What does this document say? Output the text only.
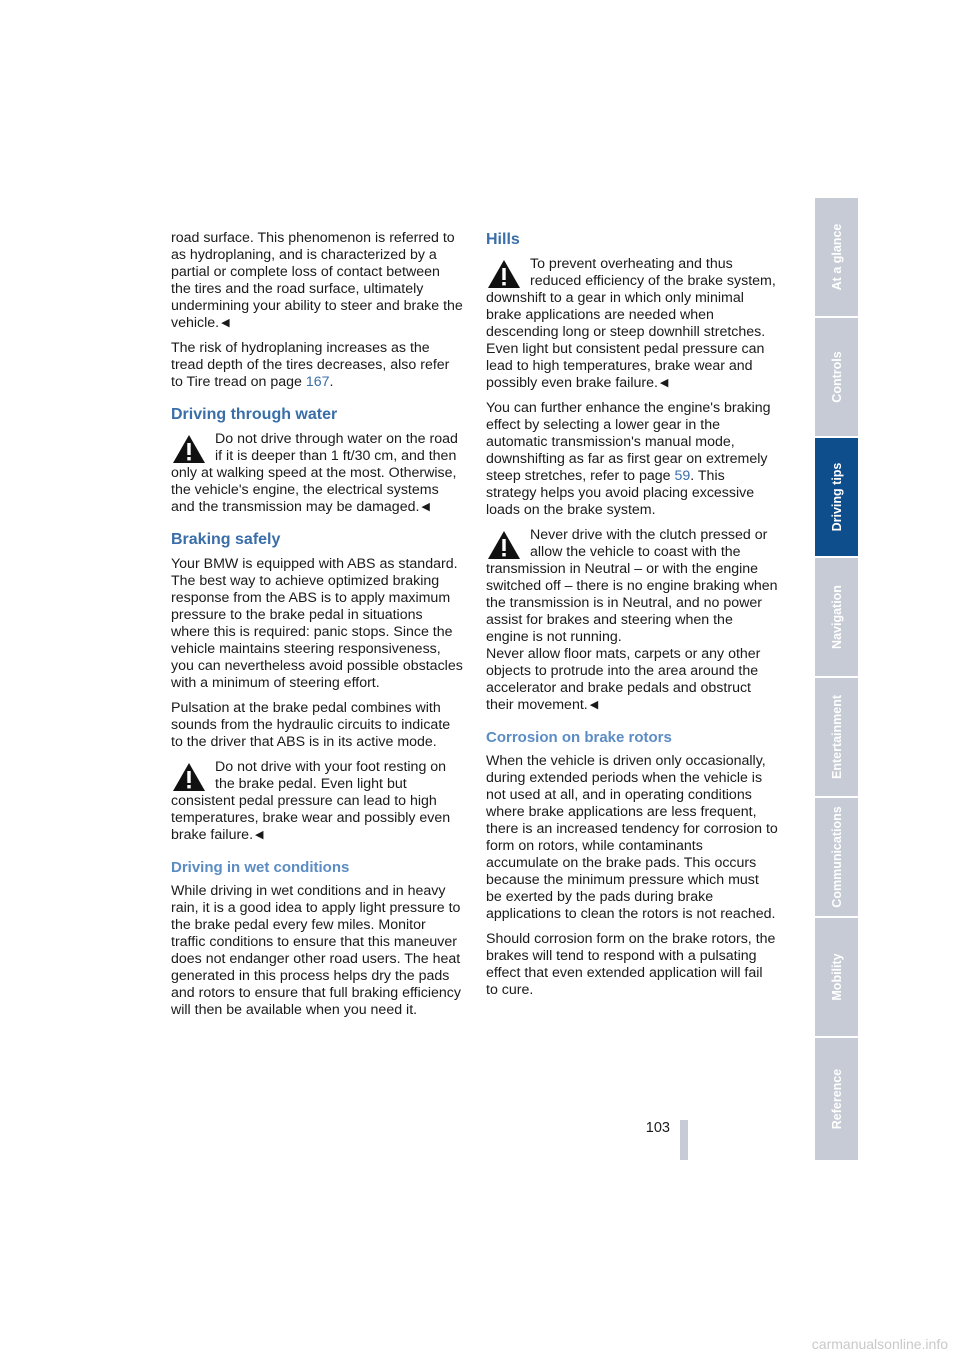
road surface. This phenomenon is referred to as hydroplaning, and is characterized by a partial or complete loss of contact between the tires and the road surface, ultimately undermining your ability to steer and brake the vehicle. ◀

The risk of hydroplaning increases as the tread depth of the tires decreases, also refer to Tire tread on page 167.

Driving through water
Do not drive through water on the road if it is deeper than 1 ft/30 cm, and then only at walking speed at the most. Otherwise, the vehicle's engine, the electrical systems and the transmission may be damaged. ◀
Braking safely

Your BMW is equipped with ABS as standard. The best way to achieve optimized braking response from the ABS is to apply maximum pressure to the brake pedal in situations where this is required: panic stops. Since the vehicle maintains steering responsiveness, you can nevertheless avoid possible obstacles with a minimum of steering effort.

Pulsation at the brake pedal combines with sounds from the hydraulic circuits to indicate to the driver that ABS is in its active mode.

Do not drive with your foot resting on the brake pedal. Even light but consistent pedal pressure can lead to high temperatures, brake wear and possibly even brake failure. ◀
Driving in wet conditions

While driving in wet conditions and in heavy rain, it is a good idea to apply light pressure to the brake pedal every few miles. Monitor traffic conditions to ensure that this maneuver does not endanger other road users. The heat generated in this process helps dry the pads and rotors to ensure that full braking efficiency will then be available when you need it.

Hills
To prevent overheating and thus reduced efficiency of the brake system, downshift to a gear in which only minimal brake applications are needed when descending long or steep downhill stretches. Even light but consistent pedal pressure can lead to high temperatures, brake wear and possibly even brake failure. ◀

You can further enhance the engine's braking effect by selecting a lower gear in the automatic transmission's manual mode, downshifting as far as first gear on extremely steep stretches, refer to page 59. This strategy helps you avoid placing excessive loads on the brake system.

Never drive with the clutch pressed or allow the vehicle to coast with the transmission in Neutral – or with the engine switched off – there is no engine braking when the transmission is in Neutral, and no power assist for brakes and steering when the engine is not running.
Never allow floor mats, carpets or any other objects to protrude into the area around the accelerator and brake pedals and obstruct their movement. ◀
Corrosion on brake rotors

When the vehicle is driven only occasionally, during extended periods when the vehicle is not used at all, and in operating conditions where brake applications are less frequent, there is an increased tendency for corrosion to form on rotors, while contaminants accumulate on the brake pads. This occurs because the minimum pressure which must be exerted by the pads during brake applications to clean the rotors is not reached.

Should corrosion form on the brake rotors, the brakes will tend to respond with a pulsating effect that even extended application will fail to cure.

At a glance
Controls
Driving tips
Navigation
Entertainment
Communications
Mobility
Reference
103
carmanualsonline.info
